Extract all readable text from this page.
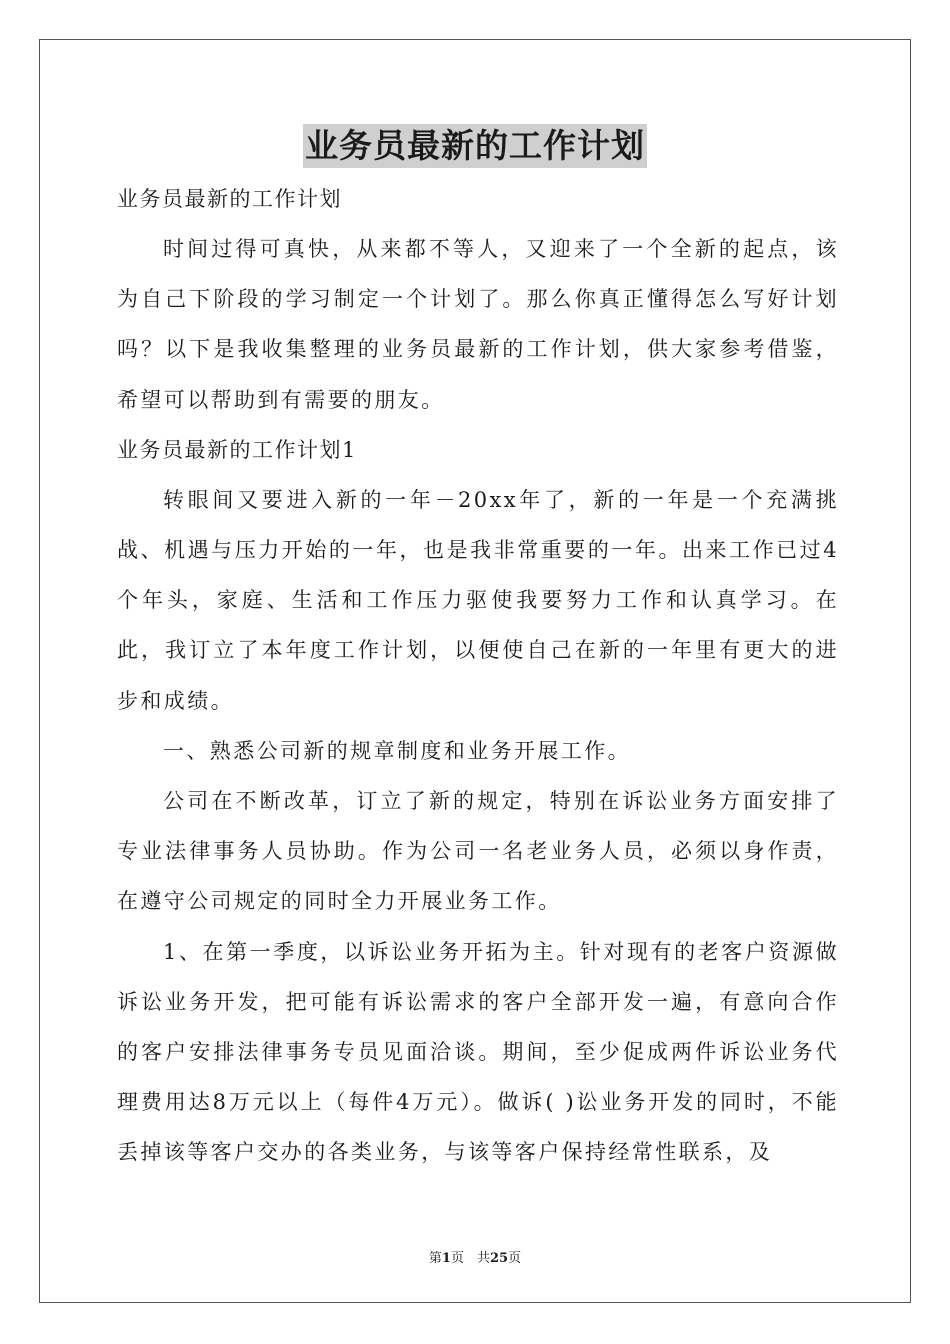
业务员最新的工作计划

业务员最新的工作计划

时间过得可真快，从来都不等人，又迎来了一个全新的起点，该为自己下阶段的学习制定一个计划了。那么你真正懂得怎么写好计划吗？以下是我收集整理的业务员最新的工作计划，供大家参考借鉴，希望可以帮助到有需要的朋友。

业务员最新的工作计划1

转眼间又要进入新的一年－20xx年了，新的一年是一个充满挑战、机遇与压力开始的一年，也是我非常重要的一年。出来工作已过4个年头，家庭、生活和工作压力驱使我要努力工作和认真学习。在此，我订立了本年度工作计划，以便使自己在新的一年里有更大的进步和成绩。

一、熟悉公司新的规章制度和业务开展工作。

公司在不断改革，订立了新的规定，特别在诉讼业务方面安排了专业法律事务人员协助。作为公司一名老业务人员，必须以身作责，在遵守公司规定的同时全力开展业务工作。

1、在第一季度，以诉讼业务开拓为主。针对现有的老客户资源做诉讼业务开发，把可能有诉讼需求的客户全部开发一遍，有意向合作的客户安排法律事务专员见面洽谈。期间，至少促成两件诉讼业务代理费用达8万元以上（每件4万元）。做诉( )讼业务开发的同时，不能丢掉该等客户交办的各类业务，与该等客户保持经常性联系，及

第1页　共25页
